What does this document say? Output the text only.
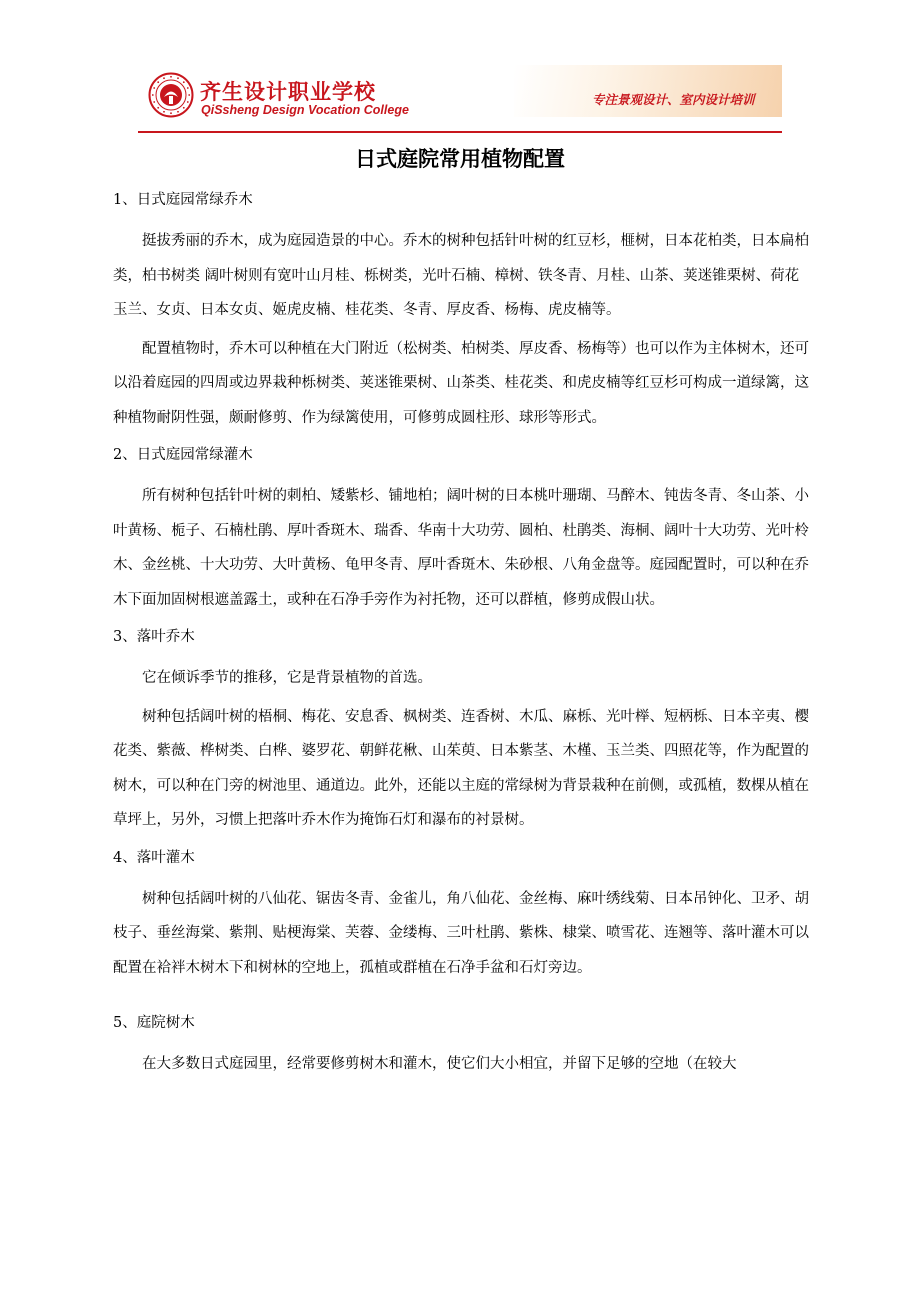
齐生设计职业学校
QiSsheng Design Vocation College
专注景观设计、室内设计培训
日式庭院常用植物配置
1、日式庭园常绿乔木

挺拔秀丽的乔木，成为庭园造景的中心。乔木的树种包括针叶树的红豆杉，榧树，日本花柏类，日本扁柏类，柏书树类 阔叶树则有宽叶山月桂、栎树类，光叶石楠、樟树、铁冬青、月桂、山茶、荚迷锥栗树、荷花玉兰、女贞、日本女贞、姬虎皮楠、桂花类、冬青、厚皮香、杨梅、虎皮楠等。

配置植物时，乔木可以种植在大门附近（松树类、柏树类、厚皮香、杨梅等）也可以作为主体树木，还可以沿着庭园的四周或边界栽种栎树类、荚迷锥栗树、山茶类、桂花类、和虎皮楠等红豆杉可构成一道绿篱，这种植物耐阴性强，颇耐修剪、作为绿篱使用，可修剪成圆柱形、球形等形式。

2、日式庭园常绿灌木

所有树种包括针叶树的刺柏、矮紫杉、铺地柏；阔叶树的日本桃叶珊瑚、马醉木、钝齿冬青、冬山茶、小叶黄杨、栀子、石楠杜鹃、厚叶香斑木、瑞香、华南十大功劳、圆柏、杜鹃类、海桐、阔叶十大功劳、光叶柃木、金丝桃、十大功劳、大叶黄杨、龟甲冬青、厚叶香斑木、朱砂根、八角金盘等。庭园配置时，可以种在乔木下面加固树根遮盖露土，或种在石净手旁作为衬托物，还可以群植，修剪成假山状。

3、落叶乔木

它在倾诉季节的推移，它是背景植物的首选。

树种包括阔叶树的梧桐、梅花、安息香、枫树类、连香树、木瓜、麻栎、光叶榉、短柄栎、日本辛夷、樱花类、紫薇、桦树类、白桦、婆罗花、朝鲜花楸、山茱萸、日本紫茎、木槿、玉兰类、四照花等，作为配置的树木，可以种在门旁的树池里、通道边。此外，还能以主庭的常绿树为背景栽种在前侧，或孤植，数棵从植在草坪上，另外，习惯上把落叶乔木作为掩饰石灯和瀑布的衬景树。

4、落叶灌木

树种包括阔叶树的八仙花、锯齿冬青、金雀儿，角八仙花、金丝梅、麻叶绣线菊、日本吊钟化、卫矛、胡枝子、垂丝海棠、紫荆、贴梗海棠、芙蓉、金缕梅、三叶杜鹃、紫株、棣棠、喷雪花、连翘等、落叶灌木可以配置在袷袢木树木下和树林的空地上，孤植或群植在石净手盆和石灯旁边。

5、庭院树木

在大多数日式庭园里，经常要修剪树木和灌木，使它们大小相宜，并留下足够的空地（在较大
